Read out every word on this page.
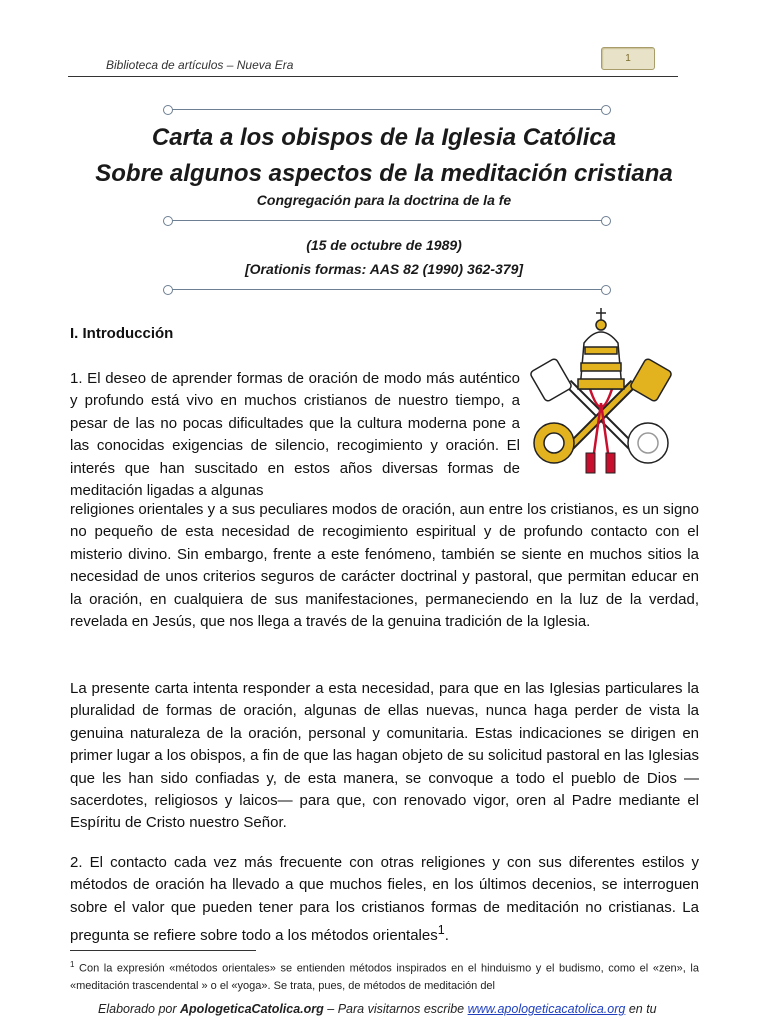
Biblioteca de artículos – Nueva Era	1
Carta a los obispos de la Iglesia Católica
Sobre algunos aspectos de la meditación cristiana
Congregación para la doctrina de la fe
(15 de octubre de 1989)
[Orationis formas: AAS 82 (1990) 362-379]
I. Introducción
1. El deseo de aprender formas de oración de modo más auténtico y profundo está vivo en muchos cristianos de nuestro tiempo, a pesar de las no pocas dificultades que la cultura moderna pone a las conocidas exigencias de silencio, recogimiento y oración. El interés que han suscitado en estos años diversas formas de meditación ligadas a algunas
religiones orientales y a sus peculiares modos de oración, aun entre los cristianos, es un signo no pequeño de esta necesidad de recogimiento espiritual y de profundo contacto con el misterio divino. Sin embargo, frente a este fenómeno, también se siente en muchos sitios la necesidad de unos criterios seguros de carácter doctrinal y pastoral, que permitan educar en la oración, en cualquiera de sus manifestaciones, permaneciendo en la luz de la verdad, revelada en Jesús, que nos llega a través de la genuina tradición de la Iglesia.
La presente carta intenta responder a esta necesidad, para que en las Iglesias particulares la pluralidad de formas de oración, algunas de ellas nuevas, nunca haga perder de vista la genuina naturaleza de la oración, personal y comunitaria. Estas indicaciones se dirigen en primer lugar a los obispos, a fin de que las hagan objeto de su solicitud pastoral en las Iglesias que les han sido confiadas y, de esta manera, se convoque a todo el pueblo de Dios —sacerdotes, religiosos y laicos— para que, con renovado vigor, oren al Padre mediante el Espíritu de Cristo nuestro Señor.
2. El contacto cada vez más frecuente con otras religiones y con sus diferentes estilos y métodos de oración ha llevado a que muchos fieles, en los últimos decenios, se interroguen sobre el valor que pueden tener para los cristianos formas de meditación no cristianas. La pregunta se refiere sobre todo a los métodos orientales$^1$.
$^1$ Con la expresión «métodos orientales» se entienden métodos inspirados en el hinduismo y el budismo, como el «zen», la «meditación trascendental » o el «yoga». Se trata, pues, de métodos de meditación del
Elaborado por ApologeticaCatolica.org – Para visitarnos escribe www.apologeticacatolica.org en tu
